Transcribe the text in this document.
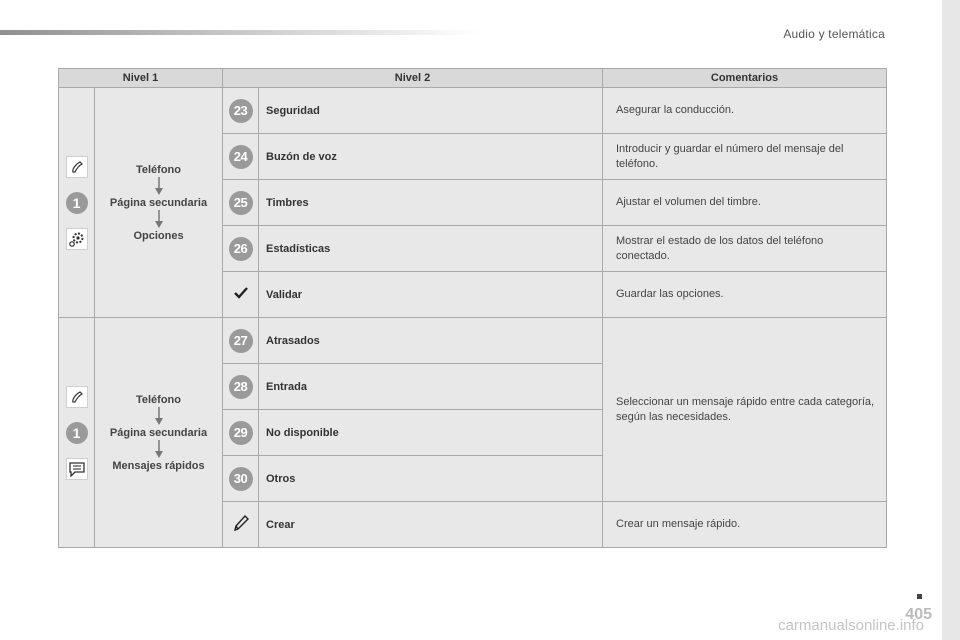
Audio y telemática
Nivel 1		Nivel 2		Comentarios

1	Teléfono
Página secundaria
Opciones	23	Seguridad	Asegurar la conducción.
		24	Buzón de voz	Introducir y guardar el número del mensaje del teléfono.
		25	Timbres	Ajustar el volumen del timbre.
		26	Estadísticas	Mostrar el estado de los datos del teléfono conectado.

	Validar	Guardar las opciones.

1	Teléfono
Página secundaria
Mensajes rápidos	27	Atrasados	Seleccionar un mensaje rápido entre cada categoría, según las necesidades.
		28	Entrada	
		29	No disponible	
		30	Otros	

	Crear	Crear un mensaje rápido.
405
carmanualsonline.info
